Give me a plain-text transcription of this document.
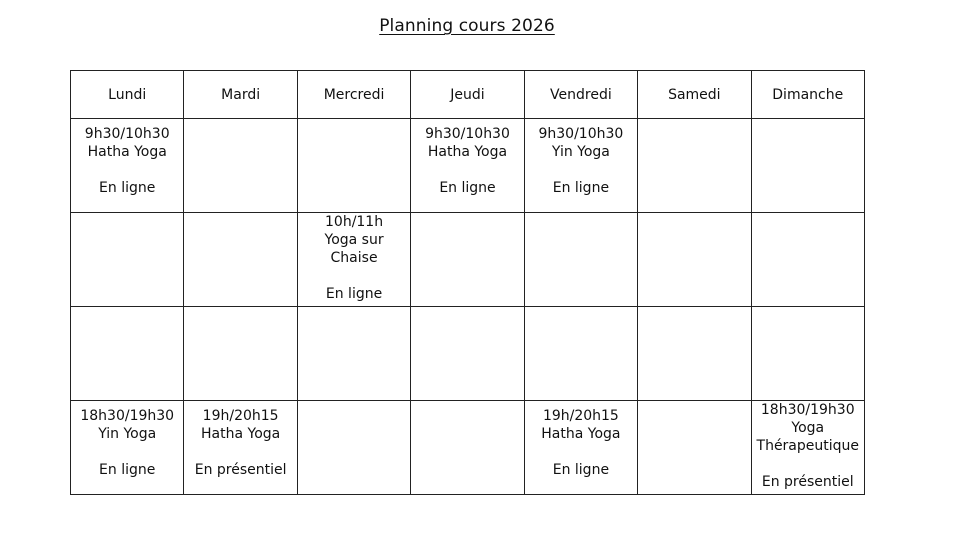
Planning cours 2026
Lundi	Mardi	Mercredi	Jeudi	Vendredi	Samedi	Dimanche

9h30/10h30
Hatha Yoga
En ligne			9h30/10h30
Hatha Yoga
En ligne	9h30/10h30
Yin Yoga
En ligne		

		10h/11h
Yoga sur
Chaise
En ligne				

18h30/19h30
Yin Yoga
En ligne	19h/20h15
Hatha Yoga
En présentiel			19h/20h15
Hatha Yoga
En ligne		18h30/19h30
Yoga
Thérapeutique
En présentiel
